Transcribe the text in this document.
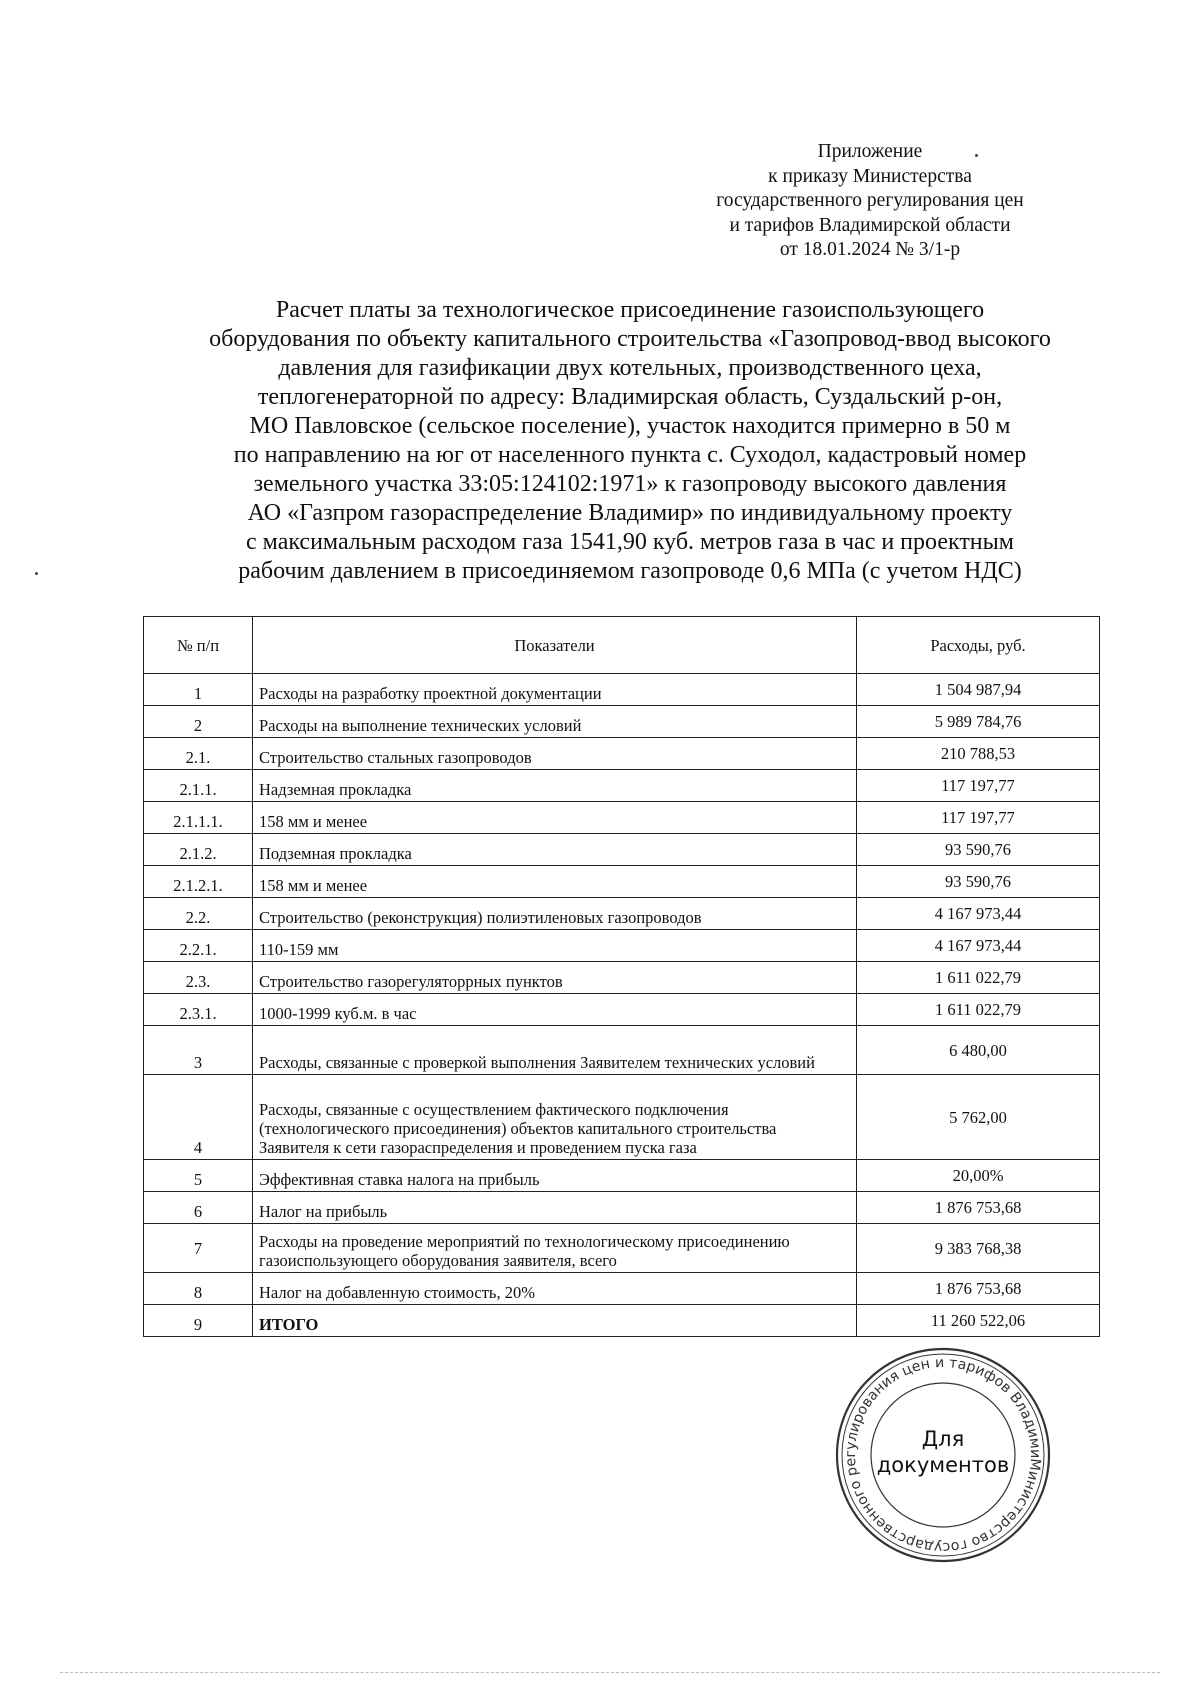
Приложение
к приказу Министерства
государственного регулирования цен
и тарифов Владимирской области
от 18.01.2024 № 3/1-р
Расчет платы за технологическое присоединение газоиспользующего
оборудования по объекту капитального строительства «Газопровод-ввод высокого
давления для газификации двух котельных, производственного цеха,
теплогенераторной по адресу: Владимирская область, Суздальский р-он,
МО Павловское (сельское поселение), участок находится примерно в 50 м
по направлению на юг от населенного пункта с. Суходол, кадастровый номер
земельного участка 33:05:124102:1971» к газопроводу высокого давления
АО «Газпром газораспределение Владимир» по индивидуальному проекту
с максимальным расходом газа 1541,90 куб. метров газа в час и проектным
рабочим давлением в присоединяемом газопроводе 0,6 МПа (с учетом НДС)
№ п/п	Показатели	Расходы, руб.
1	Расходы на разработку проектной документации	1 504 987,94
2	Расходы на выполнение технических условий	5 989 784,76
2.1.	Строительство стальных газопроводов	210 788,53
2.1.1.	Надземная прокладка	117 197,77
2.1.1.1.	158 мм и менее	117 197,77
2.1.2.	Подземная прокладка	93 590,76
2.1.2.1.	158 мм и менее	93 590,76
2.2.	Строительство (реконструкция) полиэтиленовых газопроводов	4 167 973,44
2.2.1.	110-159 мм	4 167 973,44
2.3.	Строительство газорегуляторрных пунктов	1 611 022,79
2.3.1.	1000-1999 куб.м. в час	1 611 022,79
3	Расходы, связанные с проверкой выполнения Заявителем технических условий	6 480,00
4	Расходы, связанные с осуществлением фактического подключения (технологического присоединения) объектов капитального строительства Заявителя к сети газораспределения и проведением пуска газа	5 762,00
5	Эффективная ставка налога на прибыль	20,00%
6	Налог на прибыль	1 876 753,68
7	Расходы на проведение мероприятий по технологическому присоединению газоиспользующего оборудования заявителя, всего	9 383 768,38
8	Налог на добавленную стоимость, 20%	1 876 753,68
9	ИТОГО	11 260 522,06
Министерство государственного регулирования цен и тарифов Владимирской
Для
документов
